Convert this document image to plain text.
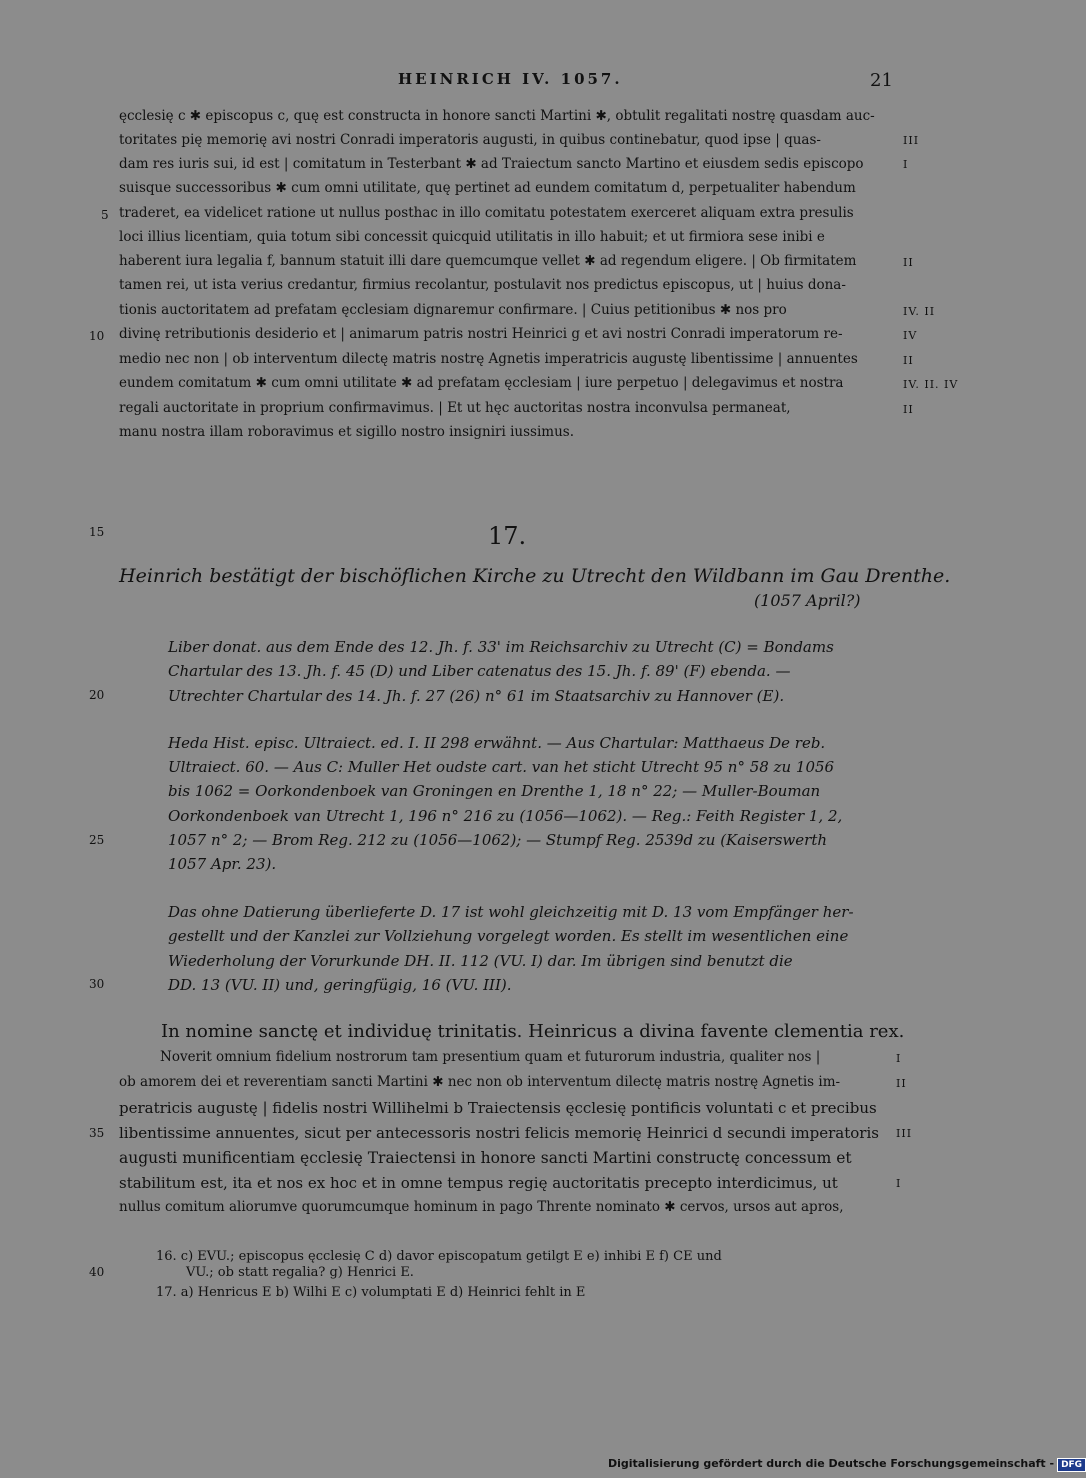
HEINRICH IV. 1057.	21
ęcclesię c ✱ episcopus c, quę est constructa in honore sancti Martini ✱, obtulit regalitati nostrę quasdam auc-
toritates pię memorię avi nostri Conradi imperatoris augusti, in quibus continebatur, quod ipse | quas-
dam res iuris sui, id est | comitatum in Testerbant ✱ ad Traiectum sancto Martino et eiusdem sedis episcopo
suisque successoribus ✱ cum omni utilitate, quę pertinet ad eundem comitatum d, perpetualiter habendum
traderet, ea videlicet ratione ut nullus posthac in illo comitatu potestatem exerceret aliquam extra presulis
loci illius licentiam, quia totum sibi concessit quicquid utilitatis in illo habuit; et ut firmiora sese inibi e
haberent iura legalia f, bannum statuit illi dare quemcumque vellet ✱ ad regendum eligere. | Ob firmitatem
tamen rei, ut ista verius credantur, firmius recolantur, postulavit nos predictus episcopus, ut | huius dona-
tionis auctoritatem ad prefatam ęcclesiam dignaremur confirmare. | Cuius petitionibus ✱ nos pro
divinę retributionis desiderio et | animarum patris nostri Heinrici g et avi nostri Conradi imperatorum re-
medio nec non | ob interventum dilectę matris nostrę Agnetis imperatricis augustę libentissime | annuentes
eundem comitatum ✱ cum omni utilitate ✱ ad prefatam ęcclesiam | iure perpetuo | delegavimus et nostra
regali auctoritate in proprium confirmavimus. | Et ut hęc auctoritas nostra inconvulsa permaneat,
manu nostra illam roboravimus et sigillo nostro insigniri iussimus.
III
I
II
IV. II
IV
II
IV. II. IV
II
5
10
15
20
25
30
35
40
17.
Heinrich bestätigt der bischöflichen Kirche zu Utrecht den Wildbann im Gau Drenthe.
(1057 April?)
Liber donat. aus dem Ende des 12. Jh. f. 33' im Reichsarchiv zu Utrecht (C) = Bondams
Chartular des 13. Jh. f. 45 (D) und Liber catenatus des 15. Jh. f. 89' (F) ebenda. —
Utrechter Chartular des 14. Jh. f. 27 (26) n° 61 im Staatsarchiv zu Hannover (E).
Heda Hist. episc. Ultraiect. ed. I. II 298 erwähnt. — Aus Chartular: Matthaeus De reb.
Ultraiect. 60. — Aus C: Muller Het oudste cart. van het sticht Utrecht 95 n° 58 zu 1056
bis 1062 = Oorkondenboek van Groningen en Drenthe 1, 18 n° 22; — Muller-Bouman
Oorkondenboek van Utrecht 1, 196 n° 216 zu (1056—1062). — Reg.: Feith Register 1, 2,
1057 n° 2; — Brom Reg. 212 zu (1056—1062); — Stumpf Reg. 2539d zu (Kaiserswerth
1057 Apr. 23).
Das ohne Datierung überlieferte D. 17 ist wohl gleichzeitig mit D. 13 vom Empfänger her-
gestellt und der Kanzlei zur Vollziehung vorgelegt worden. Es stellt im wesentlichen eine
Wiederholung der Vorurkunde DH. II. 112 (VU. I) dar. Im übrigen sind benutzt die
DD. 13 (VU. II) und, geringfügig, 16 (VU. III).
In nomine sanctę et individuę trinitatis. Heinricus a divina favente clementia rex.
Noverit omnium fidelium nostrorum tam presentium quam et futurorum industria, qualiter nos |
ob amorem dei et reverentiam sancti Martini ✱ nec non ob interventum dilectę matris nostrę Agnetis im-
peratricis augustę | fidelis nostri Willihelmi b Traiectensis ęcclesię pontificis voluntati c et precibus
libentissime annuentes, sicut per antecessoris nostri felicis memorię Heinrici d secundi imperatoris
augusti munificentiam ęcclesię Traiectensi in honore sancti Martini constructę concessum et
stabilitum est, ita et nos ex hoc et in omne tempus regię auctoritatis precepto interdicimus, ut
nullus comitum aliorumve quorumcumque hominum in pago Thrente nominato ✱ cervos, ursos aut apros,
I
II
III
I
16. c) EVU.; episcopus ęcclesię C d) davor episcopatum getilgt E e) inhibi E f) CE und
VU.; ob statt regalia? g) Henrici E.
17. a) Henricus E b) Wilhi E c) volumptati E d) Heinrici fehlt in E
Digitalisierung gefördert durch die Deutsche Forschungsgemeinschaft - DFG
